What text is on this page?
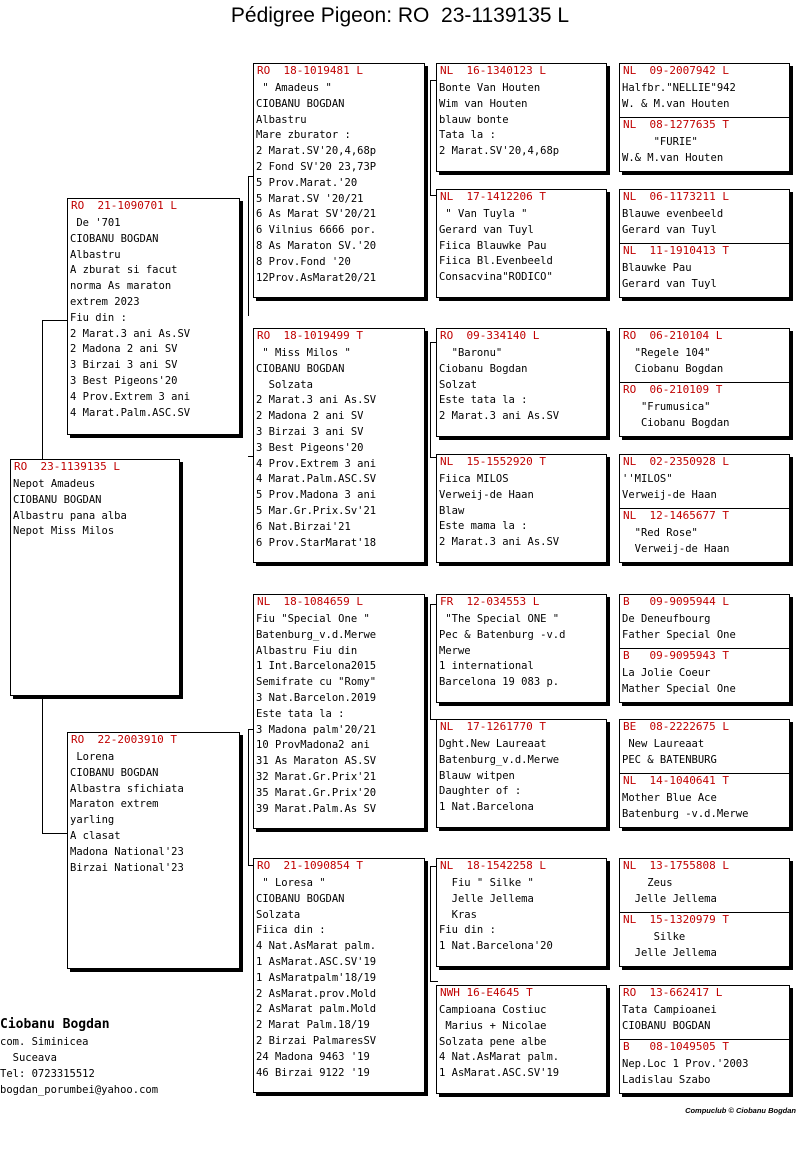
Pédigree Pigeon: RO  23-1139135 L
RO  23-1139135 L
Nepot Amadeus
CIOBANU BOGDAN
Albastru pana alba
Nepot Miss Milos
RO  21-1090701 L
De '701
CIOBANU BOGDAN
Albastru
A zburat si facut
norma As maraton
extrem 2023
Fiu din :
2 Marat.3 ani As.SV
2 Madona 2 ani SV
3 Birzai 3 ani SV
3 Best Pigeons'20
4 Prov.Extrem 3 ani
4 Marat.Palm.ASC.SV
RO  22-2003910 T
Lorena
CIOBANU BOGDAN
Albastra sfichiata
Maraton extrem
yarling
A clasat
Madona National'23
Birzai National'23
RO  18-1019481 L
" Amadeus "
CIOBANU BOGDAN
Albastru
Mare zburator :
2 Marat.SV'20,4,68p
2 Fond SV'20 23,73P
5 Prov.Marat.'20
5 Marat.SV '20/21
6 As Marat SV'20/21
6 Vilnius 6666 por.
8 As Maraton SV.'20
8 Prov.Fond '20
12Prov.AsMarat20/21
RO  18-1019499 T
" Miss Milos "
CIOBANU BOGDAN
Solzata
2 Marat.3 ani As.SV
2 Madona 2 ani SV
3 Birzai 3 ani SV
3 Best Pigeons'20
4 Prov.Extrem 3 ani
4 Marat.Palm.ASC.SV
5 Prov.Madona 3 ani
5 Mar.Gr.Prix.Sv'21
6 Nat.Birzai'21
6 Prov.StarMarat'18
NL  18-1084659 L
Fiu "Special One "
Batenburg_v.d.Merwe
Albastru Fiu din
1 Int.Barcelona2015
Semifrate cu "Romy"
3 Nat.Barcelon.2019
Este tata la :
3 Madona palm'20/21
10 ProvMadona2 ani
31 As Maraton AS.SV
32 Marat.Gr.Prix'21
35 Marat.Gr.Prix'20
39 Marat.Palm.As SV
RO  21-1090854 T
" Loresa "
CIOBANU BOGDAN
Solzata
Fiica din :
4 Nat.AsMarat palm.
1 AsMarat.ASC.SV'19
1 AsMaratpalm'18/19
2 AsMarat.prov.Mold
2 AsMarat palm.Mold
2 Marat Palm.18/19
2 Birzai PalmaresSV
24 Madona 9463 '19
46 Birzai 9122 '19
NL  16-1340123 L
Bonte Van Houten
Wim van Houten
blauw bonte
Tata la :
2 Marat.SV'20,4,68p
NL  17-1412206 T
" Van Tuyla "
Gerard van Tuyl
Fiica Blauwke Pau
Fiica Bl.Evenbeeld
Consacvina"RODICO"
RO  09-334140 L
"Baronu"
Ciobanu Bogdan
Solzat
Este tata la :
2 Marat.3 ani As.SV
NL  15-1552920 T
Fiica MILOS
Verweij-de Haan
Blaw
Este mama la :
2 Marat.3 ani As.SV
FR  12-034553 L
"The Special ONE "
Pec & Batenburg -v.d
Merwe
1 international
Barcelona 19 083 p.
NL  17-1261770 T
Dght.New Laureaat
Batenburg_v.d.Merwe
Blauw witpen
Daughter of :
1 Nat.Barcelona
NL  18-1542258 L
Fiu " Silke "
Jelle Jellema
Kras
Fiu din :
1 Nat.Barcelona'20
NWH 16-E4645 T
Campioana Costiuc
Marius + Nicolae
Solzata pene albe
4 Nat.AsMarat palm.
1 AsMarat.ASC.SV'19
NL  09-2007942 L
Halfbr."NELLIE"942
W. & M.van Houten
NL  08-1277635 T
"FURIE"
W.& M.van Houten
NL  06-1173211 L
Blauwe evenbeeld
Gerard van Tuyl
NL  11-1910413 T
Blauwke Pau
Gerard van Tuyl
RO  06-210104 L
"Regele 104"
Ciobanu Bogdan
RO  06-210109 T
"Frumusica"
Ciobanu Bogdan
NL  02-2350928 L
''MILOS"
Verweij-de Haan
NL  12-1465677 T
"Red Rose"
Verweij-de Haan
B   09-9095944 L
De Deneufbourg
Father Special One
B   09-9095943 T
La Jolie Coeur
Mather Special One
BE  08-2222675 L
New Laureaat
PEC & BATENBURG
NL  14-1040641 T
Mother Blue Ace
Batenburg -v.d.Merwe
NL  13-1755808 L
Zeus
Jelle Jellema
NL  15-1320979 T
Silke
Jelle Jellema
RO  13-662417 L
Tata Campioanei
CIOBANU BOGDAN
B   08-1049505 T
Nep.Loc 1 Prov.'2003
Ladislau Szabo
Ciobanu Bogdan
com. Siminicea
Suceava
Tel: 0723315512
bogdan_porumbei@yahoo.com
Compuclub © Ciobanu Bogdan
